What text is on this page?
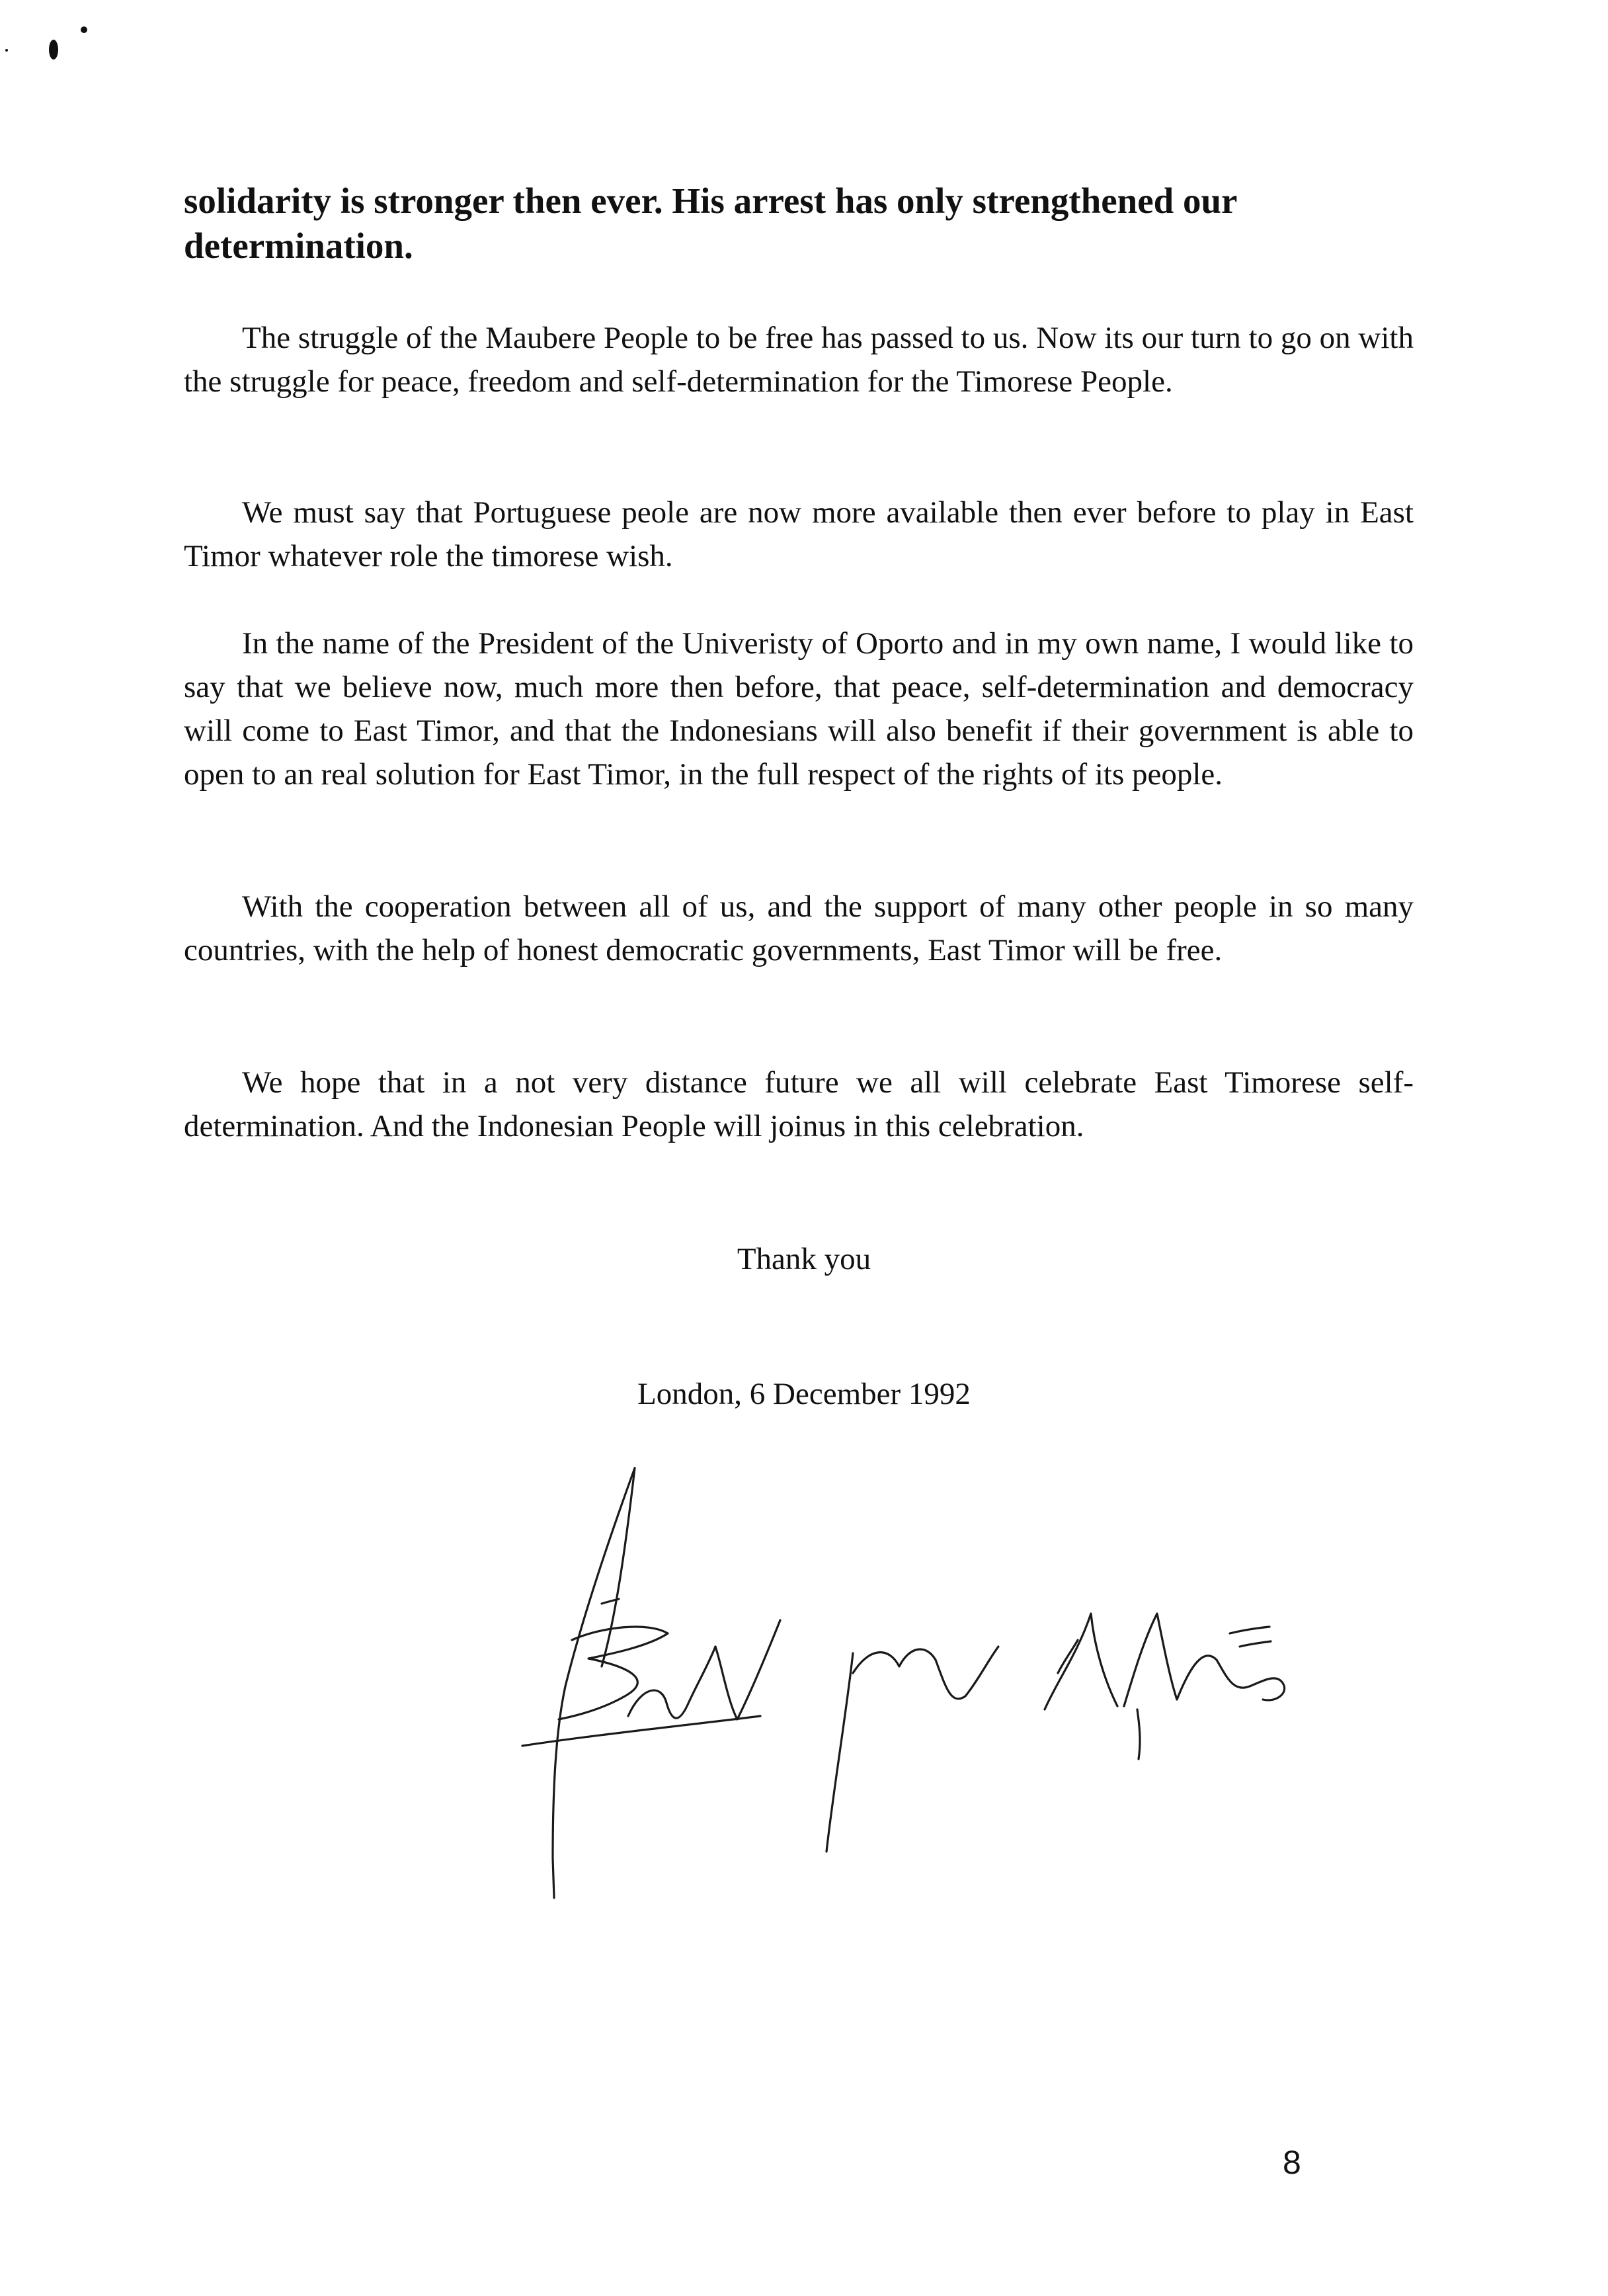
solidarity is stronger then ever. His arrest has only strengthened our determination.

The struggle of the Maubere People to be free has passed to us. Now its our turn to go on with the struggle for peace, freedom and self-determination for the Timorese People.

We must say that Portuguese peole are now more available then ever before to play in East Timor whatever role the timorese wish.

In the name of the President of the Univeristy of Oporto and in my own name, I would like to say that we believe now, much more then before, that peace, self-determination and democracy will come to East Timor, and that the Indonesians will also benefit if their government is able to open to an real solution for East Timor, in the full respect of the rights of its people.

With the cooperation between all of us, and the support of many other people in so many countries, with the help of honest democratic governments, East Timor will be free.

We hope that in a not very distance future we all will celebrate East Timorese self-determination. And the Indonesian People will joinus in this celebration.

Thank you

London, 6 December 1992

8
